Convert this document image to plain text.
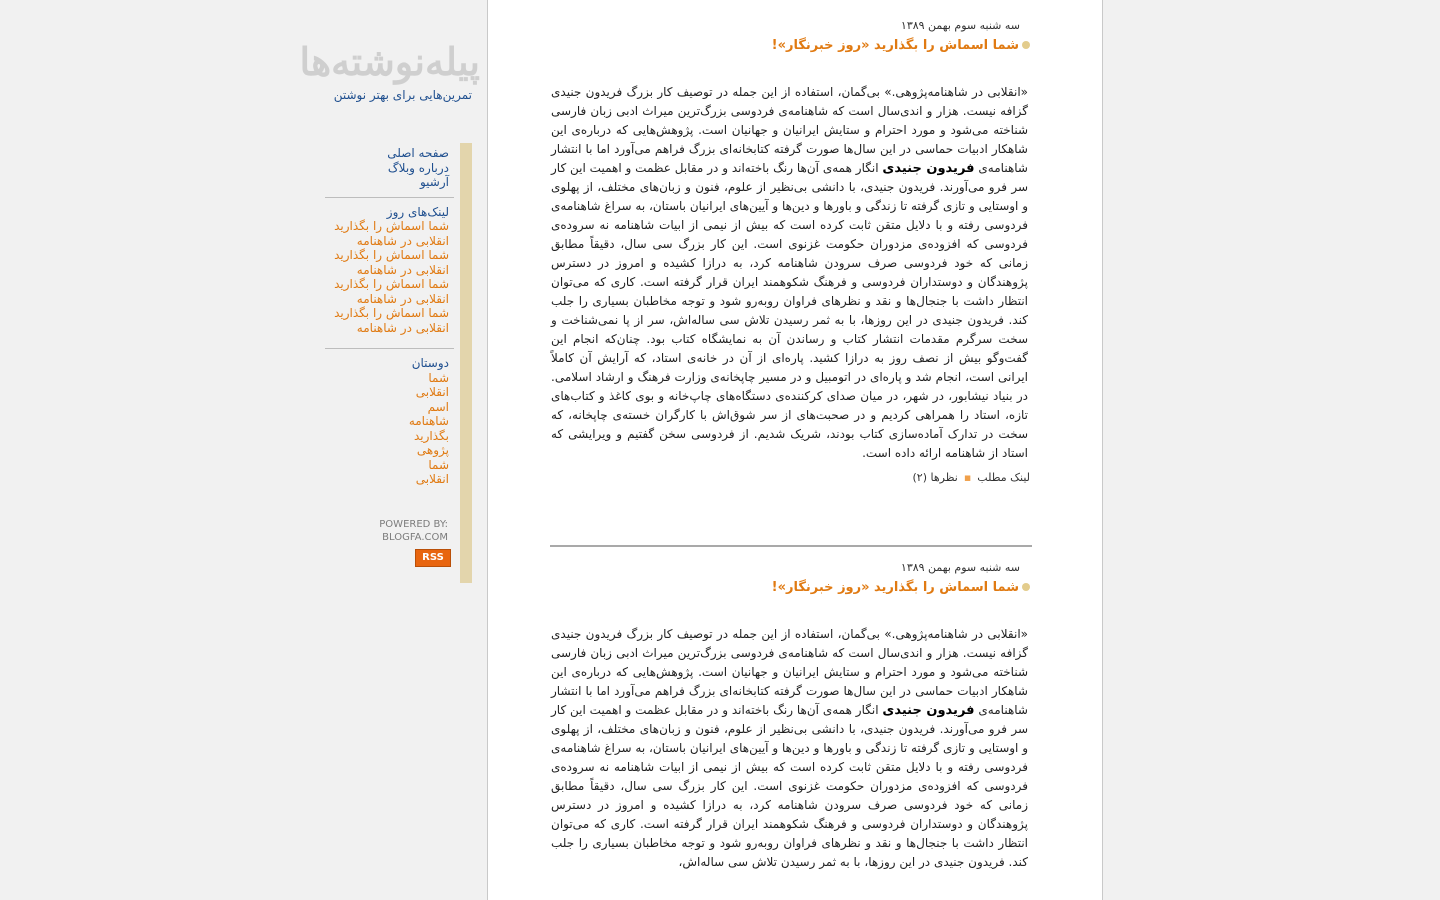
پیله‌نوشته‌ها
تمرین‌هایی برای بهتر نوشتن
صفحه اصلی
درباره وبلاگ
آرشیو
لینک‌های روز
شما اسماش را بگذارید
انقلابی در شاهنامه
شما اسماش را بگذارید
انقلابی در شاهنامه
شما اسماش را بگذارید
انقلابی در شاهنامه
شما اسماش را بگذارید
انقلابی در شاهنامه
دوستان
شما
انقلابی
اسم
شاهنامه
بگذارید
پژوهی
شما
انقلابی
POWERED BY:
BLOGFA.COM
RSS
سه شنبه سوم بهمن ۱۳۸۹
شما اسماش را بگذارید «روز خبرنگار»!
«انقلابی در شاهنامه‌پژوهی.» بی‌گمان، استفاده از این جمله در توصیف کار بزرگ فریدون جنیدی گزافه نیست. هزار و اندی‌سال است که شاهنامه‌ی فردوسی بزرگ‌ترین میراث ادبی زبان فارسی شناخته می‌شود و مورد احترام و ستایش ایرانیان و جهانیان است. پژوهش‌هایی که درباره‌ی این شاهکار ادبیات حماسی در این سال‌ها صورت گرفته کتابخانه‌ای بزرگ فراهم می‌آورد اما با انتشار شاهنامه‌ی فریدون جنیدی انگار همه‌ی آن‌ها رنگ باخته‌اند و در مقابل عظمت و اهمیت این کار سر فرو می‌آورند. فریدون جنیدی، با دانشی بی‌نظیر از علوم، فنون و زبان‌های مختلف، از پهلوی و اوستایی و تازی گرفته تا زندگی و باورها و دین‌ها و آیین‌های ایرانیان باستان، به سراغ شاهنامه‌ی فردوسی رفته و با دلایل متقن ثابت کرده است که بیش از نیمی از ابیات شاهنامه نه سروده‌ی فردوسی که افزوده‌ی مزدوران حکومت غزنوی است. این کار بزرگ سی سال، دقیقاً مطابق زمانی که خود فردوسی صرف سرودن شاهنامه کرد، به درازا کشیده و امروز در دسترس پژوهندگان و دوستداران فردوسی و فرهنگ شکوهمند ایران قرار گرفته است. کاری که می‌توان انتظار داشت با جنجال‌ها و نقد و نظرهای فراوان روبه‌رو شود و توجه مخاطبان بسیاری را جلب کند. فریدون جنیدی در این روزها، با به ثمر رسیدن تلاش سی ساله‌اش، سر از پا نمی‌شناخت و سخت سرگرم مقدمات انتشار کتاب و رساندن آن به نمایشگاه کتاب بود. چنان‌که انجام این گفت‌وگو بیش از نصف روز به درازا کشید. پاره‌ای از آن در خانه‌ی استاد، که آرایش آن کاملاً ایرانی است، انجام شد و پاره‌ای در اتومبیل و در مسیر چاپخانه‌ی وزارت فرهنگ و ارشاد اسلامی. در بنیاد نیشابور، در شهر، در میان صدای کرکننده‌ی دستگاه‌های چاپ‌خانه و بوی کاغذ و کتاب‌های تازه، استاد را همراهی کردیم و در صحبت‌های از سر شوق‌اش با کارگران خسته‌ی چاپخانه، که سخت در تدارک آماده‌سازی کتاب بودند، شریک شدیم. از فردوسی سخن گفتیم و ویرایشی که استاد از شاهنامه ارائه داده است.
نظرها (۲) ▪ لینک مطلب
سه شنبه سوم بهمن ۱۳۸۹
شما اسماش را بگذارید «روز خبرنگار»!
«انقلابی در شاهنامه‌پژوهی.» بی‌گمان، استفاده از این جمله در توصیف کار بزرگ فریدون جنیدی گزافه نیست. هزار و اندی‌سال است که شاهنامه‌ی فردوسی بزرگ‌ترین میراث ادبی زبان فارسی شناخته می‌شود و مورد احترام و ستایش ایرانیان و جهانیان است. پژوهش‌هایی که درباره‌ی این شاهکار ادبیات حماسی در این سال‌ها صورت گرفته کتابخانه‌ای بزرگ فراهم می‌آورد اما با انتشار شاهنامه‌ی فریدون جنیدی انگار همه‌ی آن‌ها رنگ باخته‌اند و در مقابل عظمت و اهمیت این کار سر فرو می‌آورند. فریدون جنیدی، با دانشی بی‌نظیر از علوم، فنون و زبان‌های مختلف، از پهلوی و اوستایی و تازی گرفته تا زندگی و باورها و دین‌ها و آیین‌های ایرانیان باستان، به سراغ شاهنامه‌ی فردوسی رفته و با دلایل متقن ثابت کرده است که بیش از نیمی از ابیات شاهنامه نه سروده‌ی فردوسی که افزوده‌ی مزدوران حکومت غزنوی است. این کار بزرگ سی سال، دقیقاً مطابق زمانی که خود فردوسی صرف سرودن شاهنامه کرد، به درازا کشیده و امروز در دسترس پژوهندگان و دوستداران فردوسی و فرهنگ شکوهمند ایران قرار گرفته است. کاری که می‌توان انتظار داشت با جنجال‌ها و نقد و نظرهای فراوان روبه‌رو شود و توجه مخاطبان بسیاری را جلب کند. فریدون جنیدی در این روزها، با به ثمر رسیدن تلاش سی ساله‌اش،
